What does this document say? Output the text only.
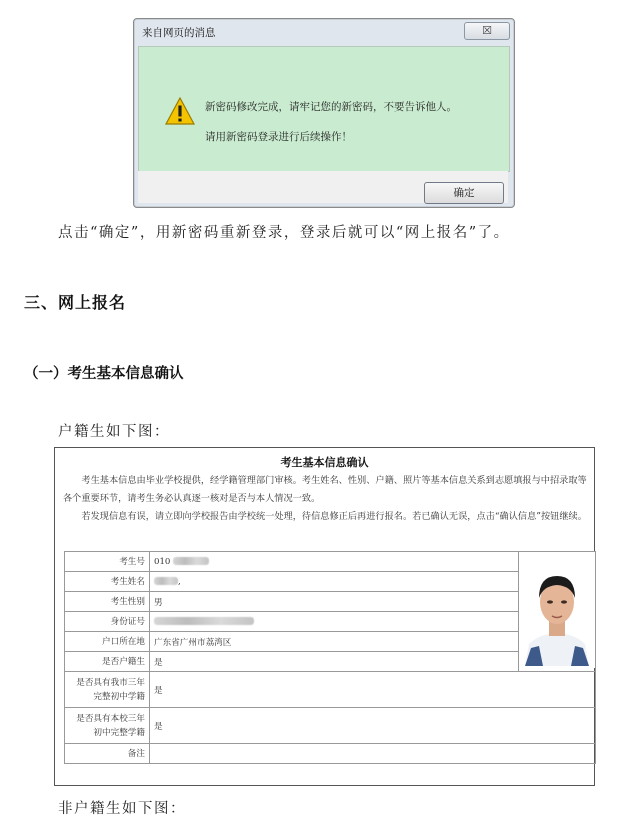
来自网页的消息	☒
新密码修改完成，请牢记您的新密码，不要告诉他人。
请用新密码登录进行后续操作！
确定
点击“确定”，用新密码重新登录，登录后就可以“网上报名”了。
三、网上报名
（一）考生基本信息确认
户籍生如下图：
考生基本信息确认

考生基本信息由毕业学校提供，经学籍管理部门审核。考生姓名、性别、户籍、照片等基本信息关系到志愿填报与中招录取等各个重要环节，请考生务必认真逐一核对是否与本人情况一致。

若发现信息有误，请立即向学校报告由学校统一处理，待信息修正后再进行报名。若已确认无误，点击“确认信息”按钮继续。

考生号	010	

考生姓名	,	
考生性别	男	
身份证号		
户口所在地	广东省广州市荔湾区	
是否户籍生	是	
是否具有我市三年完整初中学籍	是	
是否具有本校三年初中完整学籍	是	
备注		
非户籍生如下图：
